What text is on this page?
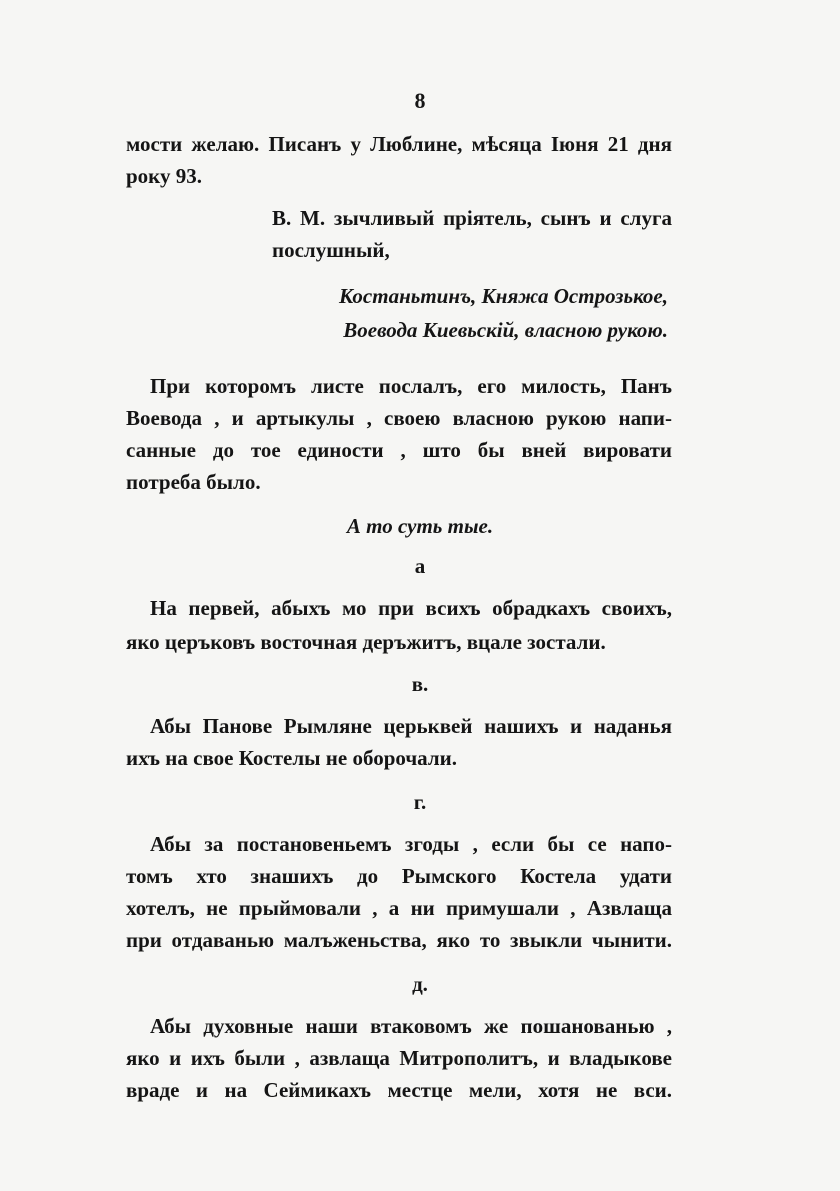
8
мости желаю. Писанъ у Люблине, мѣсяца Іюня 21 дня
року 93.
В. М. зычливый пріятель, сынъ и слуга
послушный,
Костаньтинъ, Княжа Острозькое,
Воевода Киевьскій, власною рукою.
При которомъ листе послалъ, его милость, Панъ
Воевода , и артыкулы , своею власною рукою напи-
санные до тое единости , што бы вней вировати
потреба было.
А то суть тые.
а
На первей, абыхъ мо при всихъ обрадкахъ своихъ,
яко церъковъ восточная деръжитъ, вцале зостали.
в.
Абы Панове Рымляне церьквей нашихъ и наданья
ихъ на свое Костелы не оборочали.
г.
Абы за постановеньемъ згоды , если бы се напо-
томъ хто знашихъ до Рымского Костела удати
хотелъ, не прыймовали , а ни примушали , Азвлаща
при отдаванью малъженьства, яко то звыкли чынити.
д.
Абы духовные наши втаковомъ же пошанованью ,
яко и ихъ были , азвлаща Митрополитъ, и владыкове
враде и на Сеймикахъ местце мели, хотя не вси.
